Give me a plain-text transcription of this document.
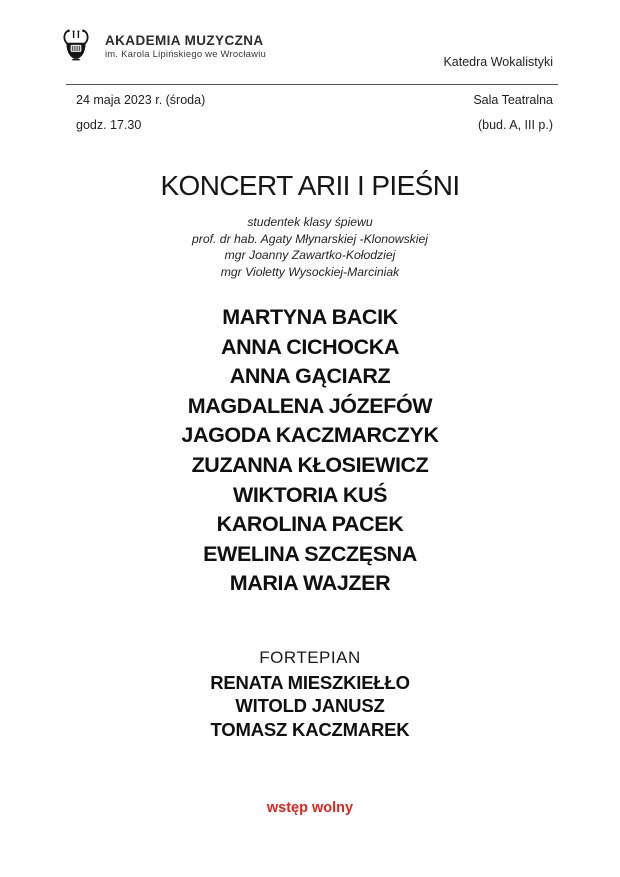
AKADEMIA MUZYCZNA
im. Karola Lipińskiego we Wrocławiu
Katedra Wokalistyki
24 maja 2023 r. (środa)	Sala Teatralna
godz. 17.30	(bud. A, III p.)
KONCERT ARII I PIEŚNI
studentek klasy śpiewu
prof. dr hab. Agaty Młynarskiej -Klonowskiej
mgr Joanny Zawartko-Kołodziej
mgr Violetty Wysockiej-Marciniak
MARTYNA BACIK
ANNA CICHOCKA
ANNA GĄCIARZ
MAGDALENA JÓZEFÓW
JAGODA KACZMARCZYK
ZUZANNA KŁOSIEWICZ
WIKTORIA KUŚ
KAROLINA PACEK
EWELINA SZCZĘSNA
MARIA WAJZER
FORTEPIAN
RENATA MIESZKIEŁŁO
WITOLD JANUSZ
TOMASZ KACZMAREK
wstęp wolny
